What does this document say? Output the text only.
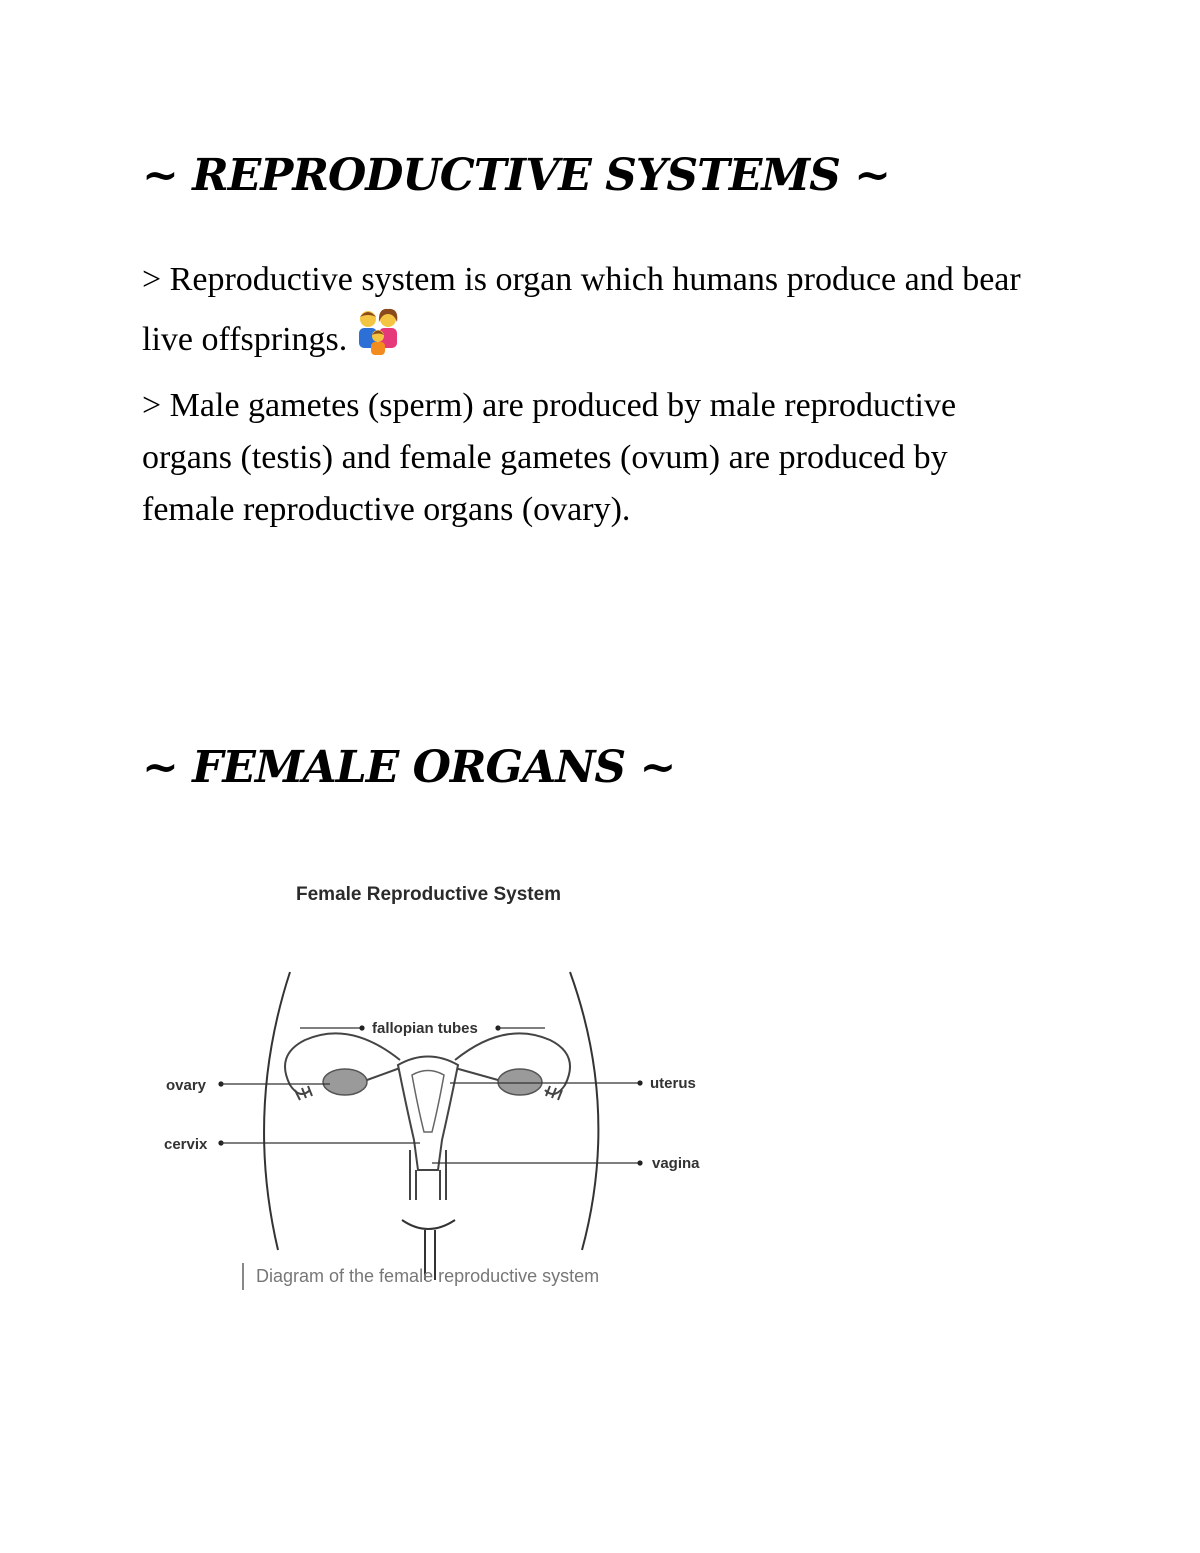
~ REPRODUCTIVE SYSTEMS ~

> Reproductive system is organ which humans produce and bear live offsprings.

> Male gametes (sperm) are produced by male reproductive organs (testis) and female gametes (ovum) are produced by female reproductive organs (ovary).

~ FEMALE ORGANS ~
Female Reproductive System
fallopian tubes
ovary
cervix
uterus
vagina
Diagram of the female reproductive system
